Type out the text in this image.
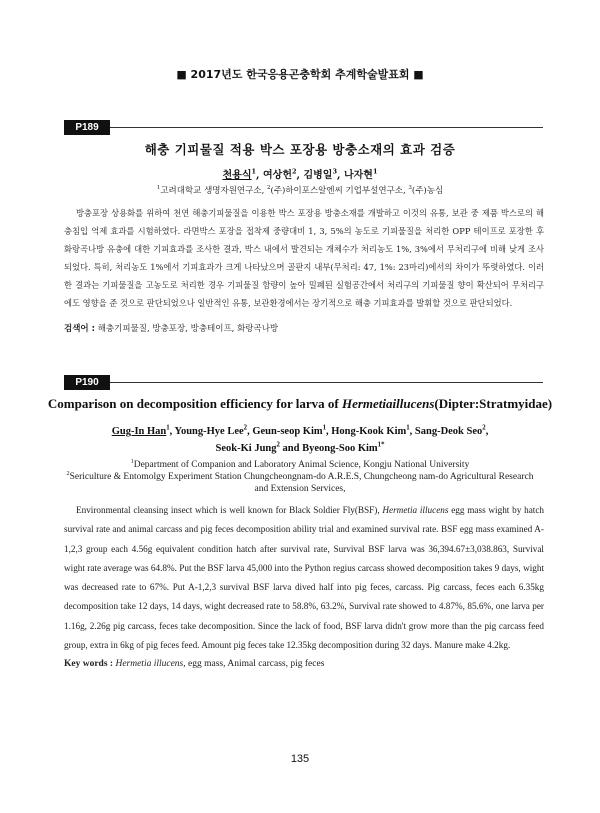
■ 2017년도 한국응용곤충학회 추계학술발표회 ■
P189
해충 기피물질 적용 박스 포장용 방충소재의 효과 검증
천용식$^1$, 여상헌$^2$, 김병일$^3$, 나자현$^1$
$^1$고려대학교 생명자원연구소, $^2$(주)하이포스알엔씨 기업부설연구소, $^3$(주)농심

방충포장 상용화를 위하여 천연 해충기피물질을 이용한 박스 포장용 방충소재를 개발하고 이것의 유통, 보관 중 제품 박스로의 해충침입 억제 효과를 시험하였다. 라면박스 포장을 접착제 중량대비 1, 3, 5%의 농도로 기피물질을 처리한 OPP 테이프로 포장한 후 화랑곡나방 유충에 대한 기피효과를 조사한 결과, 박스 내에서 발견되는 개체수가 처리농도 1%, 3%에서 무처리구에 비해 낮게 조사되었다. 특히, 처리농도 1%에서 기피효과가 크게 나타났으며 골판지 내부(무처리: 47, 1%: 23마리)에서의 차이가 뚜렷하였다. 이러한 결과는 기피물질을 고농도로 처리한 경우 기피물질 함량이 높아 밀폐된 실험공간에서 처리구의 기피물질 향이 확산되어 무처리구에도 영향을 준 것으로 판단되었으나 일반적인 유통, 보관환경에서는 장기적으로 해충 기피효과를 발휘할 것으로 판단되었다.

검색어 : 해충기피물질, 방충포장, 방충테이프, 화랑곡나방
P190
Comparison on decomposition efficiency for larva of Hermetiaillucens(Dipter:Stratmyidae)
Gug-In Han$^1$, Young-Hye Lee$^2$, Geun-seop Kim$^1$, Hong-Kook Kim$^1$, Sang-Deok Seo$^2$,
Seok-Ki Jung$^2$ and Byeong-Soo Kim$^{1*}$
$^1$Department of Companion and Laboratory Animal Science, Kongju National University
$^2$Sericulture & Entomolgy Experiment Station Chungcheongnam-do A.R.E.S, Chungcheong nam-do Agricultural Research and Extension Services,

Environmental cleansing insect which is well known for Black Soldier Fly(BSF), Hermetia illucens egg mass wight by hatch survival rate and animal carcass and pig feces decomposition ability trial and examined survival rate. BSF egg mass examined A-1,2,3 group each 4.56g equivalent condition hatch after survival rate, Survival BSF larva was 36,394.67±3,038.863, Survival wight rate average was 64.8%. Put the BSF larva 45,000 into the Python regius carcass showed decomposition takes 9 days, wight was decreased rate to 67%. Put A-1,2,3 survival BSF larva dived half into pig feces, carcass. Pig carcass, feces each 6.35kg decomposition take 12 days, 14 days, wight decreased rate to 58.8%, 63.2%, Survival rate showed to 4.87%, 85.6%, one larva per 1.16g, 2.26g pig carcass, feces take decomposition. Since the lack of food, BSF larva didn't grow more than the pig carcass feed group, extra in 6kg of pig feces feed. Amount pig feces take 12.35kg decomposition during 32 days. Manure make 4.2kg.

Key words : Hermetia illucens, egg mass, Animal carcass, pig feces
135
